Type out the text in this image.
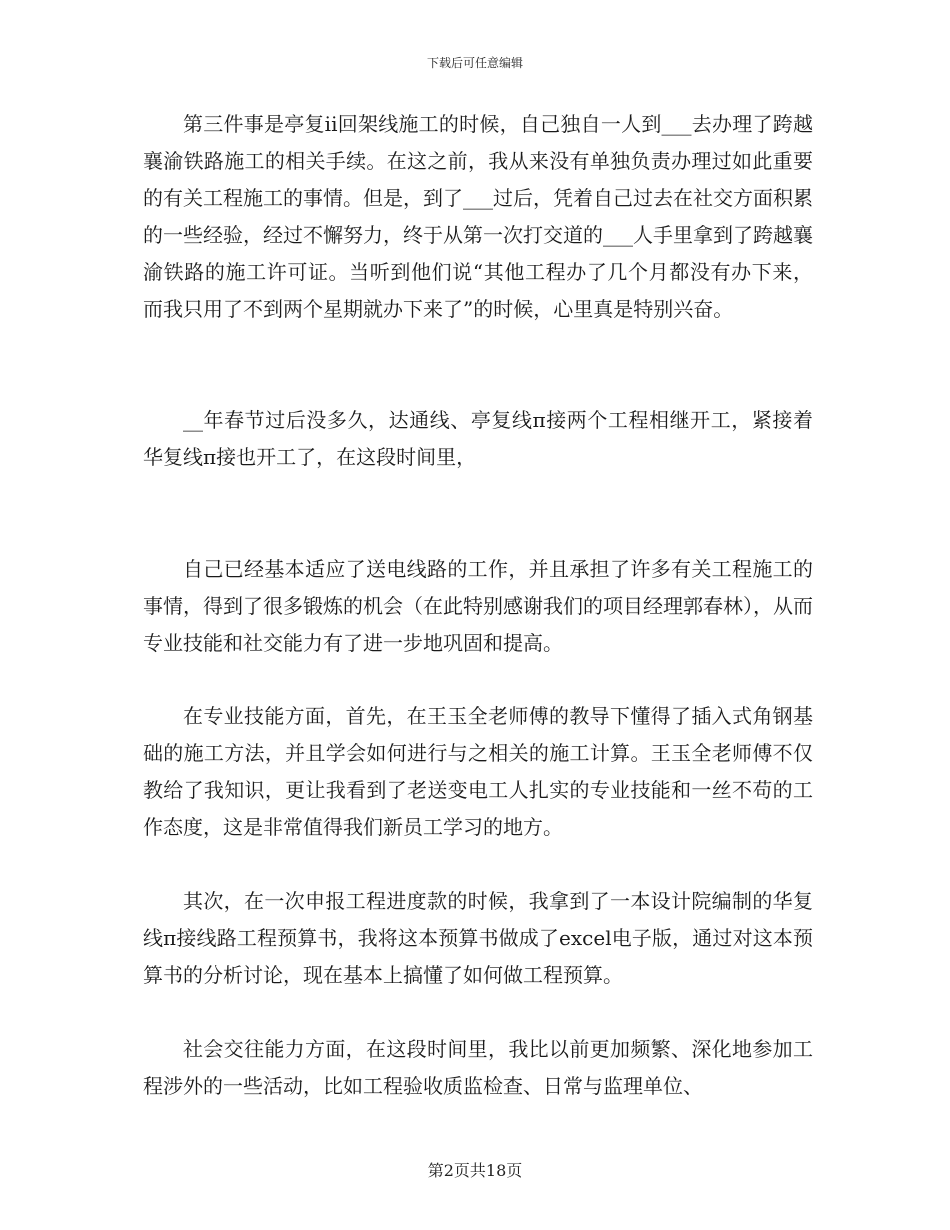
下载后可任意编辑

第三件事是亭复ii回架线施工的时候，自己独自一人到___去办理了跨越襄渝铁路施工的相关手续。在这之前，我从来没有单独负责办理过如此重要的有关工程施工的事情。但是，到了___过后，凭着自己过去在社交方面积累的一些经验，经过不懈努力，终于从第一次打交道的___人手里拿到了跨越襄渝铁路的施工许可证。当听到他们说“其他工程办了几个月都没有办下来，而我只用了不到两个星期就办下来了”的时候，心里真是特别兴奋。

__年春节过后没多久，达通线、亭复线π接两个工程相继开工，紧接着华复线π接也开工了，在这段时间里，

自己已经基本适应了送电线路的工作，并且承担了许多有关工程施工的事情，得到了很多锻炼的机会（在此特别感谢我们的项目经理郭春林），从而专业技能和社交能力有了进一步地巩固和提高。

在专业技能方面，首先，在王玉全老师傅的教导下懂得了插入式角钢基础的施工方法，并且学会如何进行与之相关的施工计算。王玉全老师傅不仅教给了我知识，更让我看到了老送变电工人扎实的专业技能和一丝不苟的工作态度，这是非常值得我们新员工学习的地方。

其次，在一次申报工程进度款的时候，我拿到了一本设计院编制的华复线π接线路工程预算书，我将这本预算书做成了excel电子版，通过对这本预算书的分析讨论，现在基本上搞懂了如何做工程预算。

社会交往能力方面，在这段时间里，我比以前更加频繁、深化地参加工程涉外的一些活动，比如工程验收质监检查、日常与监理单位、

第2页共18页
